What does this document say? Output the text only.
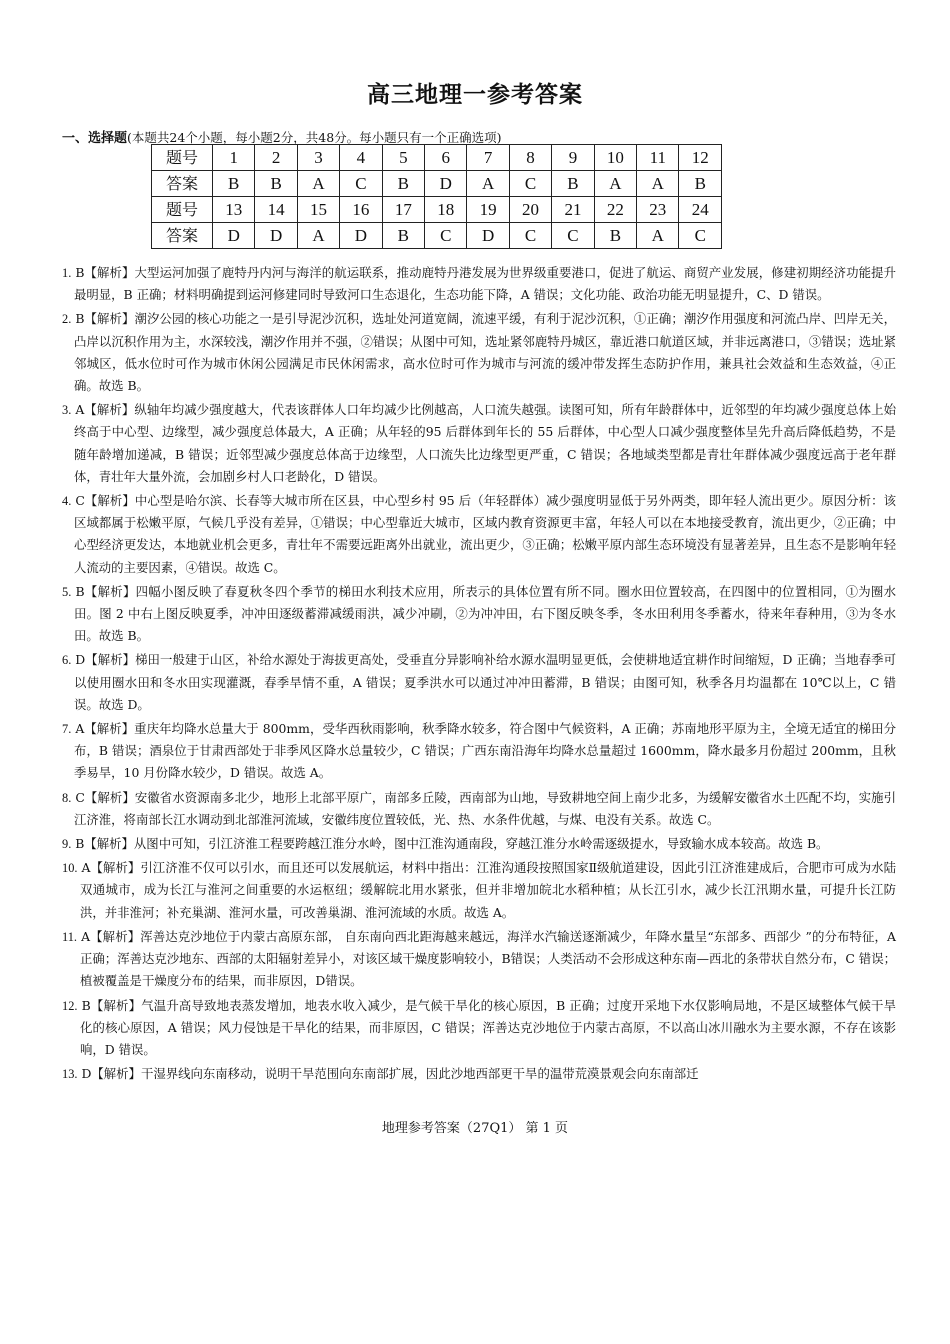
高三地理一参考答案
一、选择题(本题共24个小题，每小题2分，共48分。每小题只有一个正确选项)
题号	1	2	3	4	5	6	7	8	9	10	11	12
答案	B	B	A	C	B	D	A	C	B	A	A	B
题号	13	14	15	16	17	18	19	20	21	22	23	24
答案	D	D	A	D	B	C	D	C	C	B	A	C

1. B【解析】大型运河加强了鹿特丹内河与海洋的航运联系，推动鹿特丹港发展为世界级重要港口，促进了航运、商贸产业发展，修建初期经济功能提升最明显，B 正确；材料明确提到运河修建同时导致河口生态退化，生态功能下降，A 错误；文化功能、政治功能无明显提升，C、D 错误。

2. B【解析】潮汐公园的核心功能之一是引导泥沙沉积，选址处河道宽阔，流速平缓，有利于泥沙沉积，①正确；潮汐作用强度和河流凸岸、凹岸无关，凸岸以沉积作用为主，水深较浅，潮汐作用并不强，②错误；从图中可知，选址紧邻鹿特丹城区，靠近港口航道区域，并非远离港口，③错误；选址紧邻城区，低水位时可作为城市休闲公园满足市民休闲需求，高水位时可作为城市与河流的缓冲带发挥生态防护作用，兼具社会效益和生态效益，④正确。故选 B。

3. A【解析】纵轴年均减少强度越大，代表该群体人口年均减少比例越高，人口流失越强。读图可知，所有年龄群体中，近邻型的年均减少强度总体上始终高于中心型、边缘型，减少强度总体最大，A 正确；从年轻的95 后群体到年长的 55 后群体，中心型人口减少强度整体呈先升高后降低趋势，不是随年龄增加递减，B 错误；近邻型减少强度总体高于边缘型，人口流失比边缘型更严重，C 错误；各地域类型都是青壮年群体减少强度远高于老年群体，青壮年大量外流，会加剧乡村人口老龄化，D 错误。

4. C【解析】中心型是哈尔滨、长春等大城市所在区县，中心型乡村 95 后（年轻群体）减少强度明显低于另外两类，即年轻人流出更少。原因分析：该区域都属于松嫩平原，气候几乎没有差异，①错误；中心型靠近大城市，区域内教育资源更丰富，年轻人可以在本地接受教育，流出更少，②正确；中心型经济更发达，本地就业机会更多，青壮年不需要远距离外出就业，流出更少，③正确；松嫩平原内部生态环境没有显著差异，且生态不是影响年轻人流动的主要因素，④错误。故选 C。

5. B【解析】四幅小图反映了春夏秋冬四个季节的梯田水利技术应用，所表示的具体位置有所不同。圈水田位置较高，在四图中的位置相同，①为圈水田。图 2 中右上图反映夏季，冲冲田逐级蓄滞减缓雨洪，减少冲刷，②为冲冲田，右下图反映冬季，冬水田利用冬季蓄水，待来年春种用，③为冬水田。故选 B。

6. D【解析】梯田一般建于山区，补给水源处于海拔更高处，受垂直分异影响补给水源水温明显更低，会使耕地适宜耕作时间缩短，D 正确；当地春季可以使用圈水田和冬水田实现灌溉，春季旱情不重，A 错误；夏季洪水可以通过冲冲田蓄滞，B 错误；由图可知，秋季各月均温都在 10℃以上，C 错误。故选 D。

7. A【解析】重庆年均降水总量大于 800mm，受华西秋雨影响，秋季降水较多，符合图中气候资料，A 正确；苏南地形平原为主，全境无适宜的梯田分布，B 错误；酒泉位于甘肃西部处于非季风区降水总量较少，C 错误；广西东南沿海年均降水总量超过 1600mm，降水最多月份超过 200mm，且秋季易旱，10 月份降水较少，D 错误。故选 A。

8. C【解析】安徽省水资源南多北少，地形上北部平原广，南部多丘陵，西南部为山地，导致耕地空间上南少北多，为缓解安徽省水土匹配不均，实施引江济淮，将南部长江水调动到北部淮河流域，安徽纬度位置较低，光、热、水条件优越，与煤、电没有关系。故选 C。

9. B【解析】从图中可知，引江济淮工程要跨越江淮分水岭，图中江淮沟通南段，穿越江淮分水岭需逐级提水，导致输水成本较高。故选 B。

10. A【解析】引江济淮不仅可以引水，而且还可以发展航运，材料中指出：江淮沟通段按照国家Ⅱ级航道建设，因此引江济淮建成后，合肥市可成为水陆双通城市，成为长江与淮河之间重要的水运枢纽；缓解皖北用水紧张，但并非增加皖北水稻种植；从长江引水，减少长江汛期水量，可提升长江防洪，并非淮河；补充巢湖、淮河水量，可改善巢湖、淮河流域的水质。故选 A。

11. A【解析】浑善达克沙地位于内蒙古高原东部， 自东南向西北距海越来越远，海洋水汽输送逐渐减少，年降水量呈“东部多、西部少 ”的分布特征，A 正确；浑善达克沙地东、西部的太阳辐射差异小，对该区域干燥度影响较小，B错误；人类活动不会形成这种东南—西北的条带状自然分布，C 错误；植被覆盖是干燥度分布的结果，而非原因，D错误。

12. B【解析】气温升高导致地表蒸发增加，地表水收入减少，是气候干旱化的核心原因，B 正确；过度开采地下水仅影响局地，不是区域整体气候干旱化的核心原因，A 错误；风力侵蚀是干旱化的结果，而非原因，C 错误；浑善达克沙地位于内蒙古高原，不以高山冰川融水为主要水源，不存在该影响，D 错误。

13. D【解析】干湿界线向东南移动，说明干旱范围向东南部扩展，因此沙地西部更干旱的温带荒漠景观会向东南部迁

地理参考答案（27Q1） 第 1 页
